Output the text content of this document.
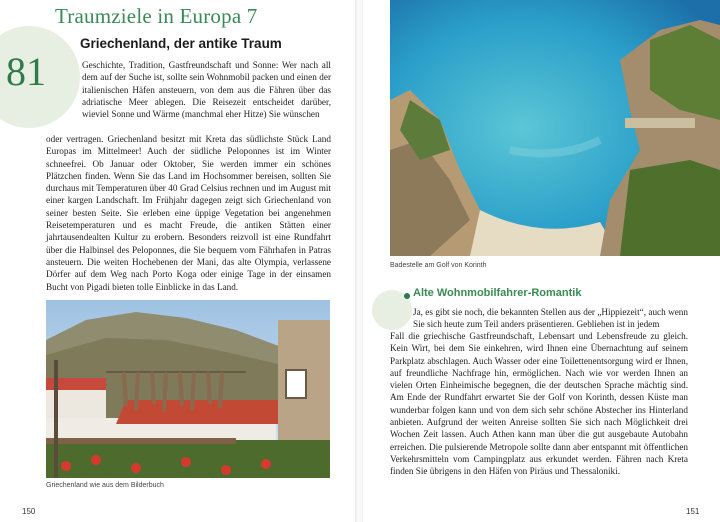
81
Traumziele in Europa 7
Griechenland, der antike Traum

Geschichte, Tradition, Gastfreundschaft und Sonne: Wer nach all dem auf der Suche ist, sollte sein Wohnmobil packen und einen der italienischen Häfen ansteuern, von dem aus die Fähren über das adriatische Meer ablegen. Die Reisezeit entscheidet darüber, wieviel Sonne und Wärme (manchmal eher Hitze) Sie wünschen

oder vertragen. Griechenland besitzt mit Kreta das südlichste Stück Land Europas im Mittelmeer! Auch der südliche Peloponnes ist im Winter schneefrei. Ob Januar oder Oktober, Sie werden immer ein schönes Plätzchen finden. Wenn Sie das Land im Hochsommer bereisen, sollten Sie durchaus mit Temperaturen über 40 Grad Celsius rechnen und im August mit einer kargen Landschaft. Im Frühjahr dagegen zeigt sich Griechenland von seiner besten Seite. Sie erleben eine üppige Vegetation bei angenehmen Reisetemperaturen und es macht Freude, die antiken Stätten einer jahrtausendealten Kultur zu erobern. Besonders reizvoll ist eine Rundfahrt über die Halbinsel des Peloponnes, die Sie bequem vom Fährhafen in Patras ansteuern. Die weiten Hochebenen der Mani, das alte Olympia, verlassene Dörfer auf dem Weg nach Porto Koga oder einige Tage in der einsamen Bucht von Pigadi bieten tolle Einblicke in das Land.

Griechenland wie aus dem Bilderbuch
150
Badestelle am Golf von Korinth
Alte Wohnmobilfahrer-Romantik

Ja, es gibt sie noch, die bekannten Stellen aus der „Hippiezeit“, auch wenn Sie sich heute zum Teil anders präsentieren. Geblieben ist in jedem

Fall die griechische Gastfreundschaft, Lebensart und Lebensfreude zu gleich. Kein Wirt, bei dem Sie einkehren, wird Ihnen eine Übernachtung auf seinem Parkplatz abschlagen. Auch Wasser oder eine Toilettenentsorgung wird er Ihnen, auf freundliche Nachfrage hin, ermöglichen. Nach wie vor werden Ihnen an vielen Orten Einheimische begegnen, die der deutschen Sprache mächtig sind. Am Ende der Rundfahrt erwartet Sie der Golf von Korinth, dessen Küste man wunderbar folgen kann und von dem sich sehr schöne Abstecher ins Hinterland anbieten. Aufgrund der weiten Anreise sollten Sie sich nach Möglichkeit drei Wochen Zeit lassen. Auch Athen kann man über die gut ausgebaute Autobahn erreichen. Die pulsierende Metropole sollte dann aber entspannt mit öffentlichen Verkehrsmitteln vom Campingplatz aus erkundet werden. Fähren nach Kreta finden Sie übrigens in den Häfen von Piräus und Thessaloniki.

151
